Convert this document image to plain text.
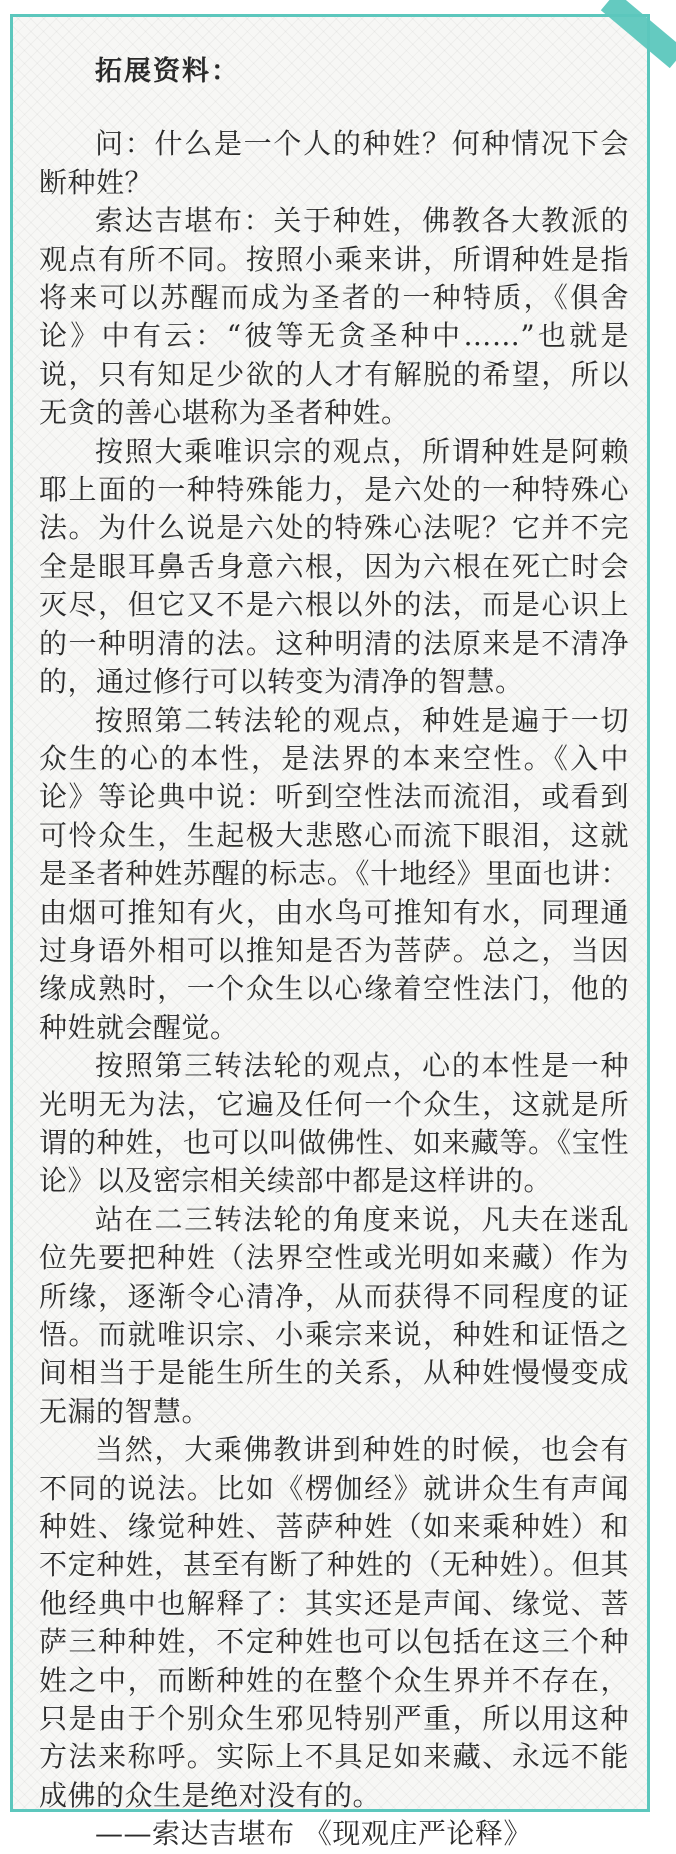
拓展资料：

问：什么是一个人的种姓？何种情况下会断种姓？

索达吉堪布：关于种姓，佛教各大教派的观点有所不同。按照小乘来讲，所谓种姓是指将来可以苏醒而成为圣者的一种特质，《俱舍论》中有云：“彼等无贪圣种中……”也就是说，只有知足少欲的人才有解脱的希望，所以无贪的善心堪称为圣者种姓。

按照大乘唯识宗的观点，所谓种姓是阿赖耶上面的一种特殊能力，是六处的一种特殊心法。为什么说是六处的特殊心法呢？它并不完全是眼耳鼻舌身意六根，因为六根在死亡时会灭尽，但它又不是六根以外的法，而是心识上的一种明清的法。这种明清的法原来是不清净的，通过修行可以转变为清净的智慧。

按照第二转法轮的观点，种姓是遍于一切众生的心的本性，是法界的本来空性。《入中论》等论典中说：听到空性法而流泪，或看到可怜众生，生起极大悲愍心而流下眼泪，这就是圣者种姓苏醒的标志。《十地经》里面也讲：由烟可推知有火，由水鸟可推知有水，同理通过身语外相可以推知是否为菩萨。总之，当因缘成熟时，一个众生以心缘着空性法门，他的种姓就会醒觉。

按照第三转法轮的观点，心的本性是一种光明无为法，它遍及任何一个众生，这就是所谓的种姓，也可以叫做佛性、如来藏等。《宝性论》以及密宗相关续部中都是这样讲的。

站在二三转法轮的角度来说，凡夫在迷乱位先要把种姓（法界空性或光明如来藏）作为所缘，逐渐令心清净，从而获得不同程度的证悟。而就唯识宗、小乘宗来说，种姓和证悟之间相当于是能生所生的关系，从种姓慢慢变成无漏的智慧。

当然，大乘佛教讲到种姓的时候，也会有不同的说法。比如《楞伽经》就讲众生有声闻种姓、缘觉种姓、菩萨种姓（如来乘种姓）和不定种姓，甚至有断了种姓的（无种姓）。但其他经典中也解释了：其实还是声闻、缘觉、菩萨三种种姓，不定种姓也可以包括在这三个种姓之中，而断种姓的在整个众生界并不存在，只是由于个别众生邪见特别严重，所以用这种方法来称呼。实际上不具足如来藏、永远不能成佛的众生是绝对没有的。

——索达吉堪布 《现观庄严论释》
